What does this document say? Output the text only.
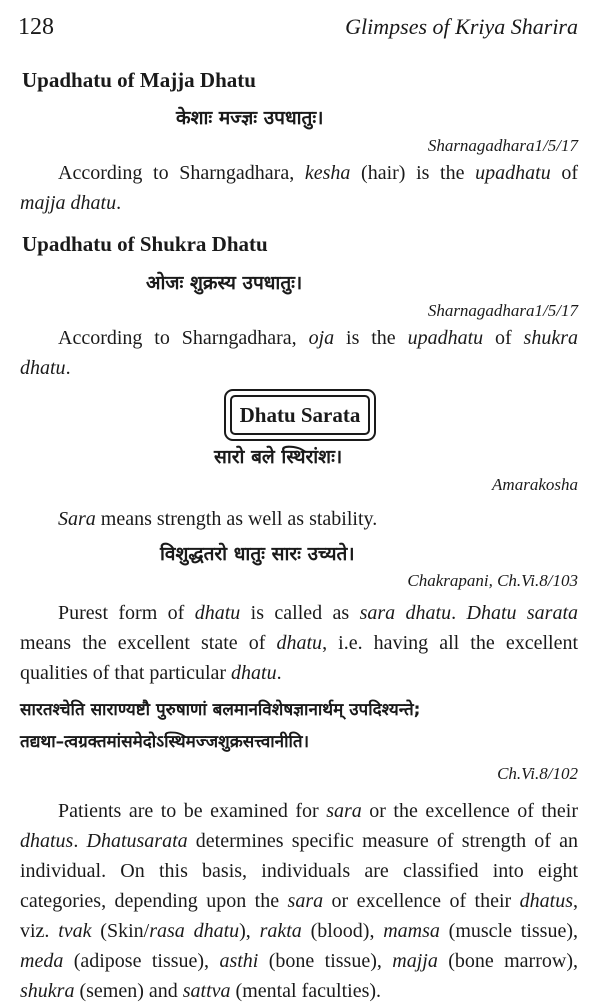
128	Glimpses of Kriya Sharira
Upadhatu of Majja Dhatu
केशाः मज्ज्ञः उपधातुः।
Sharnagadhara1/5/17
According to Sharngadhara, kesha (hair) is the upadhatu of majja dhatu.
Upadhatu of Shukra Dhatu
ओजः शुक्रस्य उपधातुः।
Sharnagadhara1/5/17
According to Sharngadhara, oja is the upadhatu of shukra dhatu.
Dhatu Sarata
सारो बले स्थिरांशः।
Amarakosha
Sara means strength as well as stability.
विशुद्धतरो धातुः सारः उच्यते।
Chakrapani, Ch.Vi.8/103
Purest form of dhatu is called as sara dhatu. Dhatu sarata means the excellent state of dhatu, i.e. having all the excellent qualities of that particular dhatu.
सारतश्चेति साराण्यष्टौ पुरुषाणां बलमानविशेषज्ञानार्थम् उपदिश्यन्ते;
तद्यथा–त्वग्रक्तमांसमेदोऽस्थिमज्जशुक्रसत्त्वानीति।
Ch.Vi.8/102
Patients are to be examined for sara or the excellence of their dhatus. Dhatusarata determines specific measure of strength of an individual. On this basis, individuals are classified into eight categories, depending upon the sara or excellence of their dhatus, viz. tvak (Skin/rasa dhatu), rakta (blood), mamsa (muscle tissue), meda (adipose tissue), asthi (bone tissue), majja (bone marrow), shukra (semen) and sattva (mental faculties).
